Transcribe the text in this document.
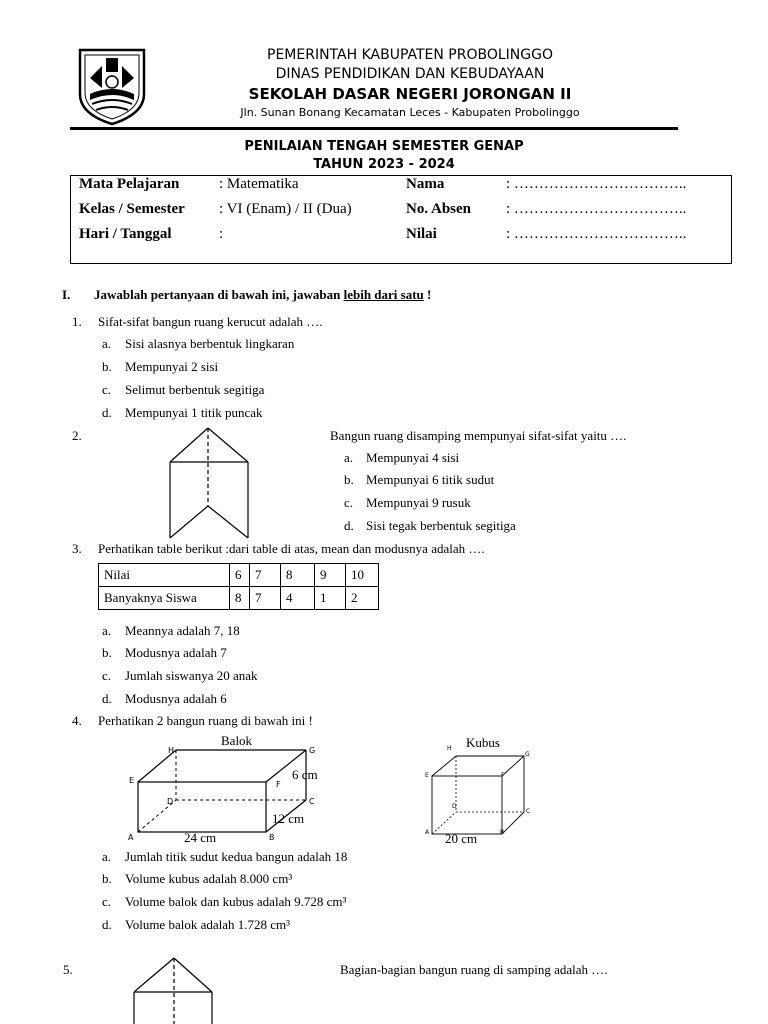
PEMERINTAH KABUPATEN PROBOLINGGO
DINAS PENDIDIKAN DAN KEBUDAYAAN
SEKOLAH DASAR NEGERI JORONGAN II
Jln. Sunan Bonang Kecamatan Leces - Kabupaten Probolinggo
PENILAIAN TENGAH SEMESTER GENAP
TAHUN 2023 - 2024
Mata Pelajaran	: Matematika
Kelas / Semester : VI (Enam) / II (Dua)
Hari / Tanggal	:
Nama	: ……………………………..
No. Absen : ……………………………..
Nilai	: ……………………………..
I. Jawablah pertanyaan di bawah ini, jawaban lebih dari satu !
1. Sifat-sifat bangun ruang kerucut adalah ….
a. Sisi alasnya berbentuk lingkaran
b. Mempunyai 2 sisi
c. Selimut berbentuk segitiga
d. Mempunyai 1 titik puncak
2.	Bangun ruang disamping mempunyai sifat-sifat yaitu ….
a. Mempunyai 4 sisi
b. Mempunyai 6 titik sudut
c. Mempunyai 9 rusuk
d. Sisi tegak berbentuk segitiga
3. Perhatikan table berikut :dari table di atas, mean dan modusnya adalah ….
Nilai	6	7	8	9	10
Banyaknya Siswa	8	7	4	1	2
a. Meannya adalah 7, 18
b. Modusnya adalah 7
c. Jumlah siswanya 20 anak
d. Modusnya adalah 6
4. Perhatikan 2 bangun ruang di bawah ini !
Balok
A	B
C
D
E	F
G
H
6 cm
12 cm
24 cm
Kubus
A	B
C
D
E	F
G
H
20 cm
a. Jumlah titik sudut kedua bangun adalah 18
b. Volume kubus adalah 8.000 cm³
c. Volume balok dan kubus adalah 9.728 cm³
d. Volume balok adalah 1.728 cm³
5.	Bagian-bagian bangun ruang di samping adalah ….
